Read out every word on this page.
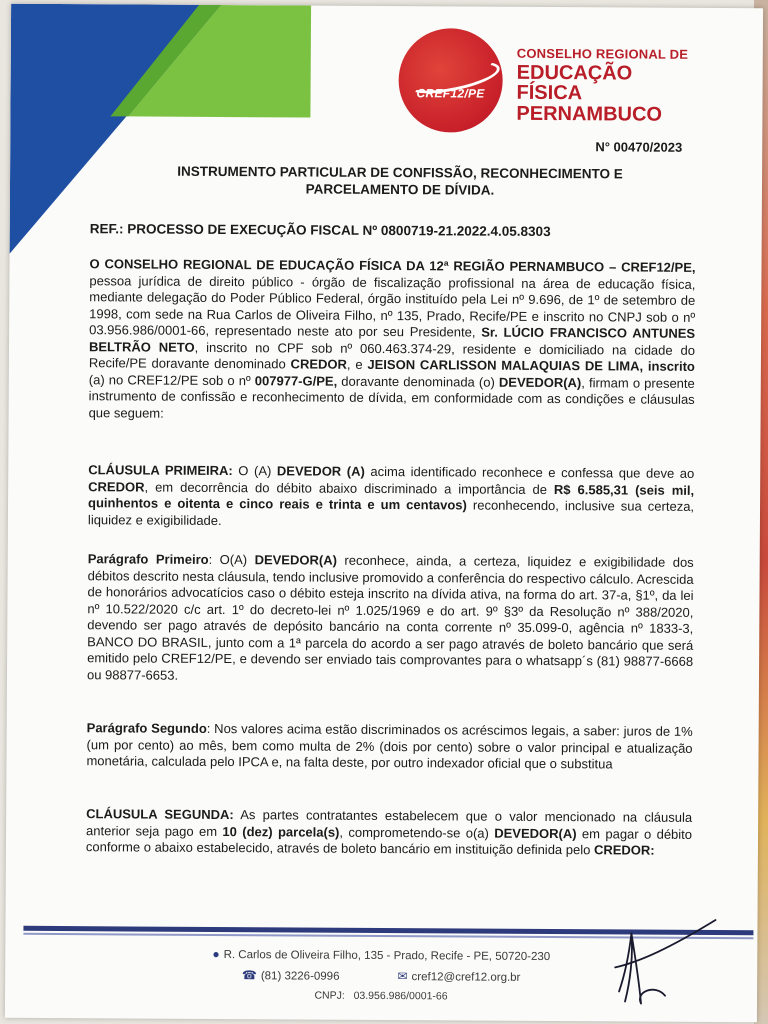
CREF12/PE
CONSELHO REGIONAL DE
EDUCAÇÃO FÍSICA
PERNAMBUCO
N° 00470/2023
INSTRUMENTO PARTICULAR DE CONFISSÃO, RECONHECIMENTO E
PARCELAMENTO DE DÍVIDA.
REF.: PROCESSO DE EXECUÇÃO FISCAL Nº 0800719-21.2022.4.05.8303
O CONSELHO REGIONAL DE EDUCAÇÃO FÍSICA DA 12ª REGIÃO PERNAMBUCO – CREF12/PE, pessoa jurídica de direito público - órgão de fiscalização profissional na área de educação física, mediante delegação do Poder Público Federal, órgão instituído pela Lei nº 9.696, de 1º de setembro de 1998, com sede na Rua Carlos de Oliveira Filho, nº 135, Prado, Recife/PE e inscrito no CNPJ sob o nº 03.956.986/0001-66, representado neste ato por seu Presidente, Sr. LÚCIO FRANCISCO ANTUNES BELTRÃO NETO, inscrito no CPF sob nº 060.463.374-29, residente e domiciliado na cidade do Recife/PE doravante denominado CREDOR, e JEISON CARLISSON MALAQUIAS DE LIMA, inscrito (a) no CREF12/PE sob o nº 007977-G/PE, doravante denominada (o) DEVEDOR(A), firmam o presente instrumento de confissão e reconhecimento de dívida, em conformidade com as condições e cláusulas que seguem:
CLÁUSULA PRIMEIRA: O (A) DEVEDOR (A) acima identificado reconhece e confessa que deve ao CREDOR, em decorrência do débito abaixo discriminado a importância de R$ 6.585,31 (seis mil, quinhentos e oitenta e cinco reais e trinta e um centavos) reconhecendo, inclusive sua certeza, liquidez e exigibilidade.
Parágrafo Primeiro: O(A) DEVEDOR(A) reconhece, ainda, a certeza, liquidez e exigibilidade dos débitos descrito nesta cláusula, tendo inclusive promovido a conferência do respectivo cálculo. Acrescida de honorários advocatícios caso o débito esteja inscrito na dívida ativa, na forma do art. 37-a, §1º, da lei nº 10.522/2020 c/c art. 1º do decreto-lei nº 1.025/1969 e do art. 9º §3º da Resolução nº 388/2020, devendo ser pago através de depósito bancário na conta corrente nº 35.099-0, agência nº 1833-3, BANCO DO BRASIL, junto com a 1ª parcela do acordo a ser pago através de boleto bancário que será emitido pelo CREF12/PE, e devendo ser enviado tais comprovantes para o whatsapp´s (81) 98877-6668 ou 98877-6653.
Parágrafo Segundo: Nos valores acima estão discriminados os acréscimos legais, a saber: juros de 1% (um por cento) ao mês, bem como multa de 2% (dois por cento) sobre o valor principal e atualização monetária, calculada pelo IPCA e, na falta deste, por outro indexador oficial que o substitua
CLÁUSULA SEGUNDA: As partes contratantes estabelecem que o valor mencionado na cláusula anterior seja pago em 10 (dez) parcela(s), comprometendo-se o(a) DEVEDOR(A) em pagar o débito conforme o abaixo estabelecido, através de boleto bancário em instituição definida pelo CREDOR:
● R. Carlos de Oliveira Filho, 135 - Prado, Recife - PE, 50720-230
☎ (81) 3226-0996	✉ cref12@cref12.org.br
CNPJ: 03.956.986/0001-66
